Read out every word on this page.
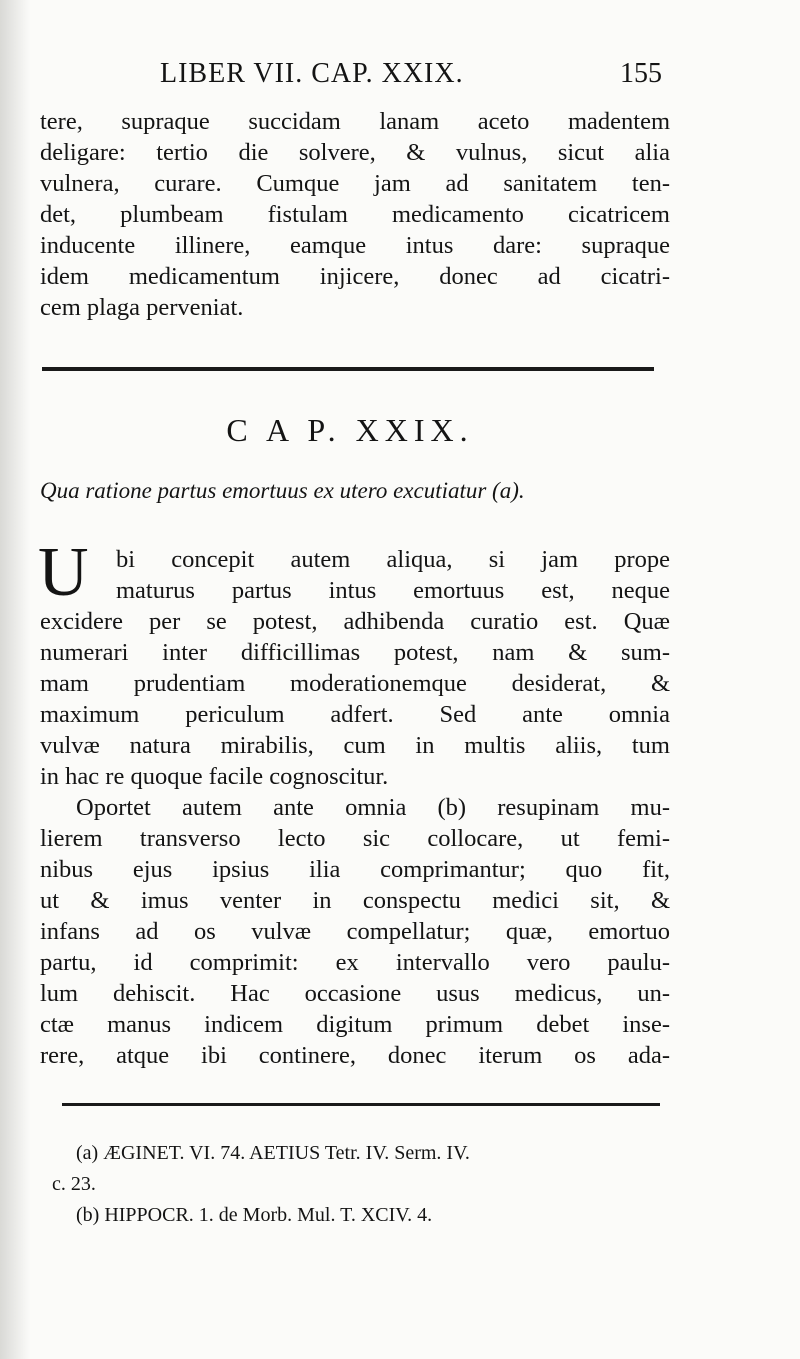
LIBER VII. CAP. XXIX.	155
tere, supraque succidam lanam aceto madentem
deligare: tertio die solvere, & vulnus, sicut alia
vulnera, curare. Cumque jam ad sanitatem ten-
det, plumbeam fistulam medicamento cicatricem
inducente illinere, eamque intus dare: supraque
idem medicamentum injicere, donec ad cicatri-
cem plaga perveniat.
C A P. XXIX.
Qua ratione partus emortuus ex utero excutiatur (a).
U bi concepit autem aliqua, si jam prope
maturus partus intus emortuus est, neque
excidere per se potest, adhibenda curatio est. Quæ
numerari inter difficillimas potest, nam & sum-
mam prudentiam moderationemque desiderat, &
maximum periculum adfert. Sed ante omnia
vulvæ natura mirabilis, cum in multis aliis, tum
in hac re quoque facile cognoscitur.
Oportet autem ante omnia (b) resupinam mu-
lierem transverso lecto sic collocare, ut femi-
nibus ejus ipsius ilia comprimantur; quo fit,
ut & imus venter in conspectu medici sit, &
infans ad os vulvæ compellatur; quæ, emortuo
partu, id comprimit: ex intervallo vero paulu-
lum dehiscit. Hac occasione usus medicus, un-
ctæ manus indicem digitum primum debet inse-
rere, atque ibi continere, donec iterum os ada-
(a) ÆGINET. VI. 74. AETIUS Tetr. IV. Serm. IV.
c. 23.
(b) HIPPOCR. 1. de Morb. Mul. T. XCIV. 4.
